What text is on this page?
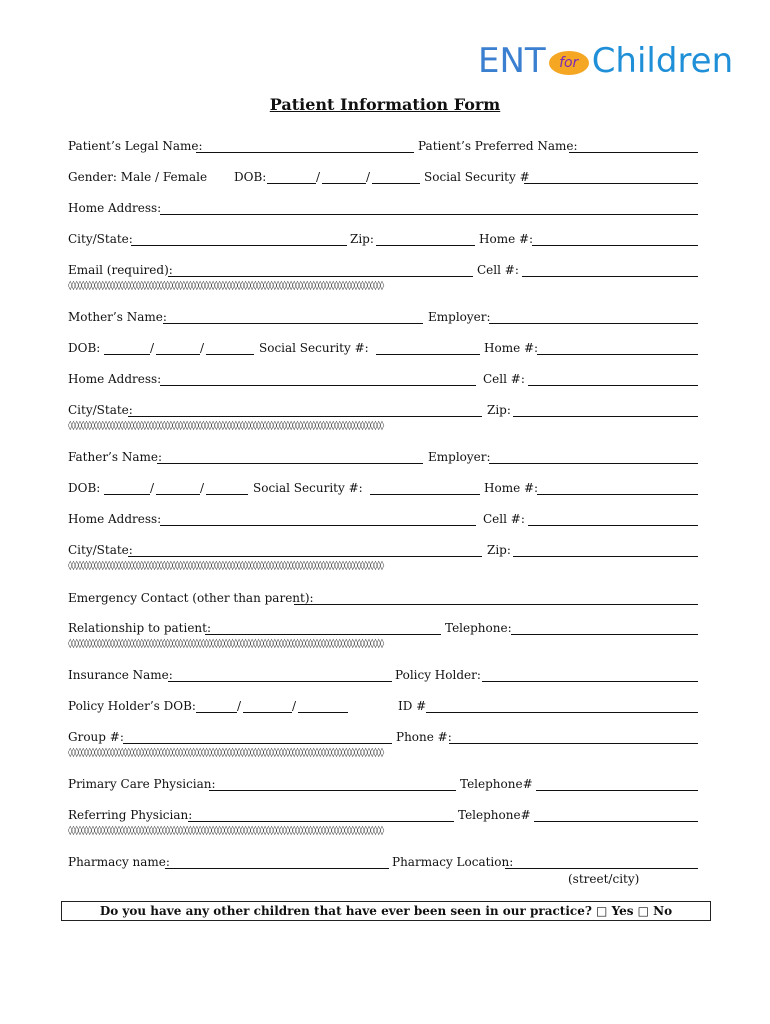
ENT for Children
Patient Information Form
Patient’s Legal Name:	Patient’s Preferred Name:
Gender: Male / Female DOB:	/	/	Social Security #
Home Address:
City/State:	Zip:	Home #:
Email (required):	Cell #:
◊◊◊◊◊◊◊◊◊◊◊◊◊◊◊◊◊◊◊◊◊◊◊◊◊◊◊◊◊◊◊◊◊◊◊◊◊◊◊◊◊◊◊◊◊◊◊◊◊◊◊◊◊◊◊◊◊◊◊◊◊◊◊◊◊◊◊◊◊◊◊◊◊◊◊◊◊◊◊◊◊◊◊◊◊◊◊◊◊◊◊◊◊◊◊◊◊
Mother’s Name:	Employer:
DOB:	/	/	Social Security #:	Home #:
Home Address:	Cell #:
City/State:	Zip:
◊◊◊◊◊◊◊◊◊◊◊◊◊◊◊◊◊◊◊◊◊◊◊◊◊◊◊◊◊◊◊◊◊◊◊◊◊◊◊◊◊◊◊◊◊◊◊◊◊◊◊◊◊◊◊◊◊◊◊◊◊◊◊◊◊◊◊◊◊◊◊◊◊◊◊◊◊◊◊◊◊◊◊◊◊◊◊◊◊◊◊◊◊◊◊◊◊
Father’s Name:	Employer:
DOB:	/	/	Social Security #:	Home #:
Home Address:	Cell #:
City/State:	Zip:
◊◊◊◊◊◊◊◊◊◊◊◊◊◊◊◊◊◊◊◊◊◊◊◊◊◊◊◊◊◊◊◊◊◊◊◊◊◊◊◊◊◊◊◊◊◊◊◊◊◊◊◊◊◊◊◊◊◊◊◊◊◊◊◊◊◊◊◊◊◊◊◊◊◊◊◊◊◊◊◊◊◊◊◊◊◊◊◊◊◊◊◊◊◊◊◊◊
Emergency Contact (other than parent):
Relationship to patient:	Telephone:
◊◊◊◊◊◊◊◊◊◊◊◊◊◊◊◊◊◊◊◊◊◊◊◊◊◊◊◊◊◊◊◊◊◊◊◊◊◊◊◊◊◊◊◊◊◊◊◊◊◊◊◊◊◊◊◊◊◊◊◊◊◊◊◊◊◊◊◊◊◊◊◊◊◊◊◊◊◊◊◊◊◊◊◊◊◊◊◊◊◊◊◊◊◊◊◊◊
Insurance Name:	Policy Holder:
Policy Holder’s DOB:	/	/	ID #
Group #:	Phone #:
◊◊◊◊◊◊◊◊◊◊◊◊◊◊◊◊◊◊◊◊◊◊◊◊◊◊◊◊◊◊◊◊◊◊◊◊◊◊◊◊◊◊◊◊◊◊◊◊◊◊◊◊◊◊◊◊◊◊◊◊◊◊◊◊◊◊◊◊◊◊◊◊◊◊◊◊◊◊◊◊◊◊◊◊◊◊◊◊◊◊◊◊◊◊◊◊◊
Primary Care Physician:	Telephone#
Referring Physician:	Telephone#
◊◊◊◊◊◊◊◊◊◊◊◊◊◊◊◊◊◊◊◊◊◊◊◊◊◊◊◊◊◊◊◊◊◊◊◊◊◊◊◊◊◊◊◊◊◊◊◊◊◊◊◊◊◊◊◊◊◊◊◊◊◊◊◊◊◊◊◊◊◊◊◊◊◊◊◊◊◊◊◊◊◊◊◊◊◊◊◊◊◊◊◊◊◊◊◊◊
Pharmacy name:	Pharmacy Location:
(street/city)
Do you have any other children that have ever been seen in our practice? □ Yes □ No
